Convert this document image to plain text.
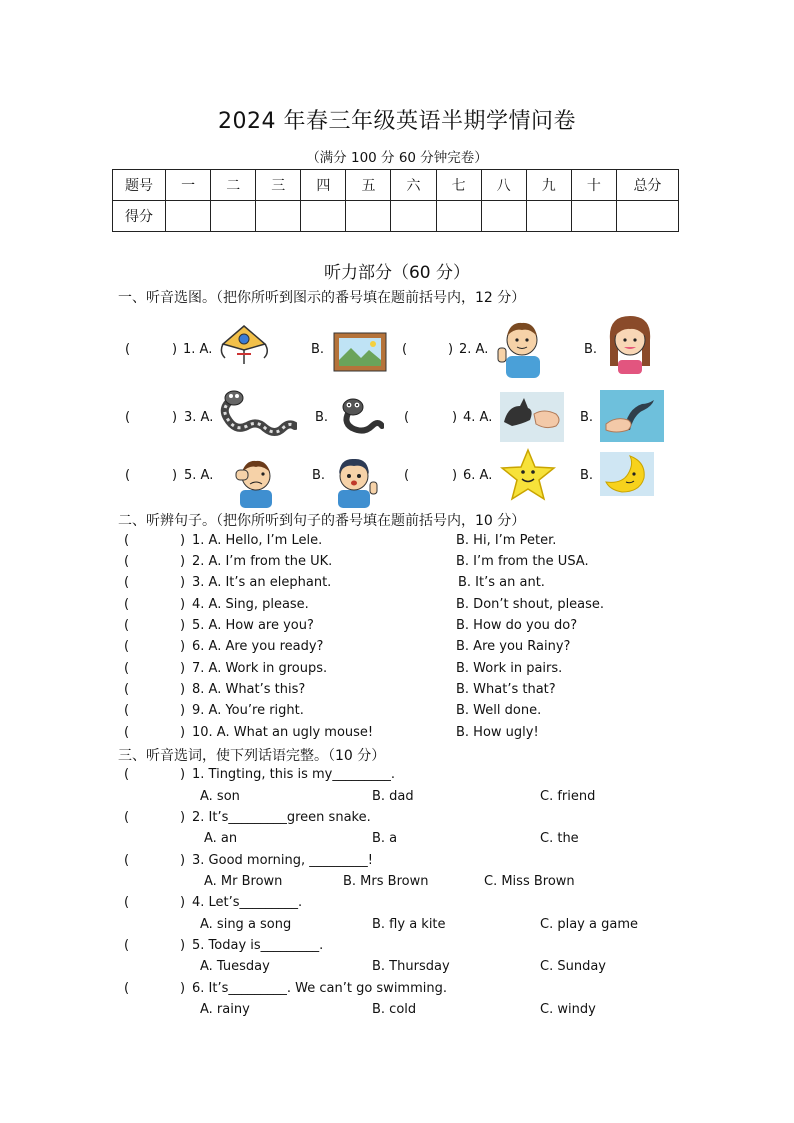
2024 年春三年级英语半期学情问卷
（满分 100 分 60 分钟完卷）
题号	一	二	三	四	五	六	七	八	九	十	总分
得分											
听力部分（60 分）
一、听音选图。（把你所听到图示的番号填在题前括号内，12 分）
(	) 1. A.	B.	(	) 2. A.	B.
(	) 3. A.	B.	(	) 4. A.	B.
(	) 5. A.	B.	(	) 6. A.	B.
二、听辨句子。（把你所听到句子的番号填在题前括号内，10 分）
(	) 1. A. Hello, I’m Lele.	B. Hi, I’m Peter.
(	) 2. A. I’m from the UK.	B. I’m from the USA.
(	) 3. A. It’s an elephant.	B. It’s an ant.
(	) 4. A. Sing, please.	B. Don’t shout, please.
(	) 5. A. How are you?	B. How do you do?
(	) 6. A. Are you ready?	B. Are you Rainy?
(	) 7. A. Work in groups.	B. Work in pairs.
(	) 8. A. What’s this?	B. What’s that?
(	) 9. A. You’re right.	B. Well done.
(	) 10. A. What an ugly mouse!	B. How ugly!
三、听音选词，使下列话语完整。（10 分）
(	) 1. Tingting, this is my_________.
A. son	B. dad	C. friend
(	) 2. It’s_________green snake.
A. an	B. a	C. the
(	) 3. Good morning, _________!
A. Mr Brown	B. Mrs Brown	C. Miss Brown
(	) 4. Let’s_________.
A. sing a song	B. fly a kite	C. play a game
(	) 5. Today is_________.
A. Tuesday	B. Thursday	C. Sunday
(	) 6. It’s_________. We can’t go swimming.
A. rainy	B. cold	C. windy
